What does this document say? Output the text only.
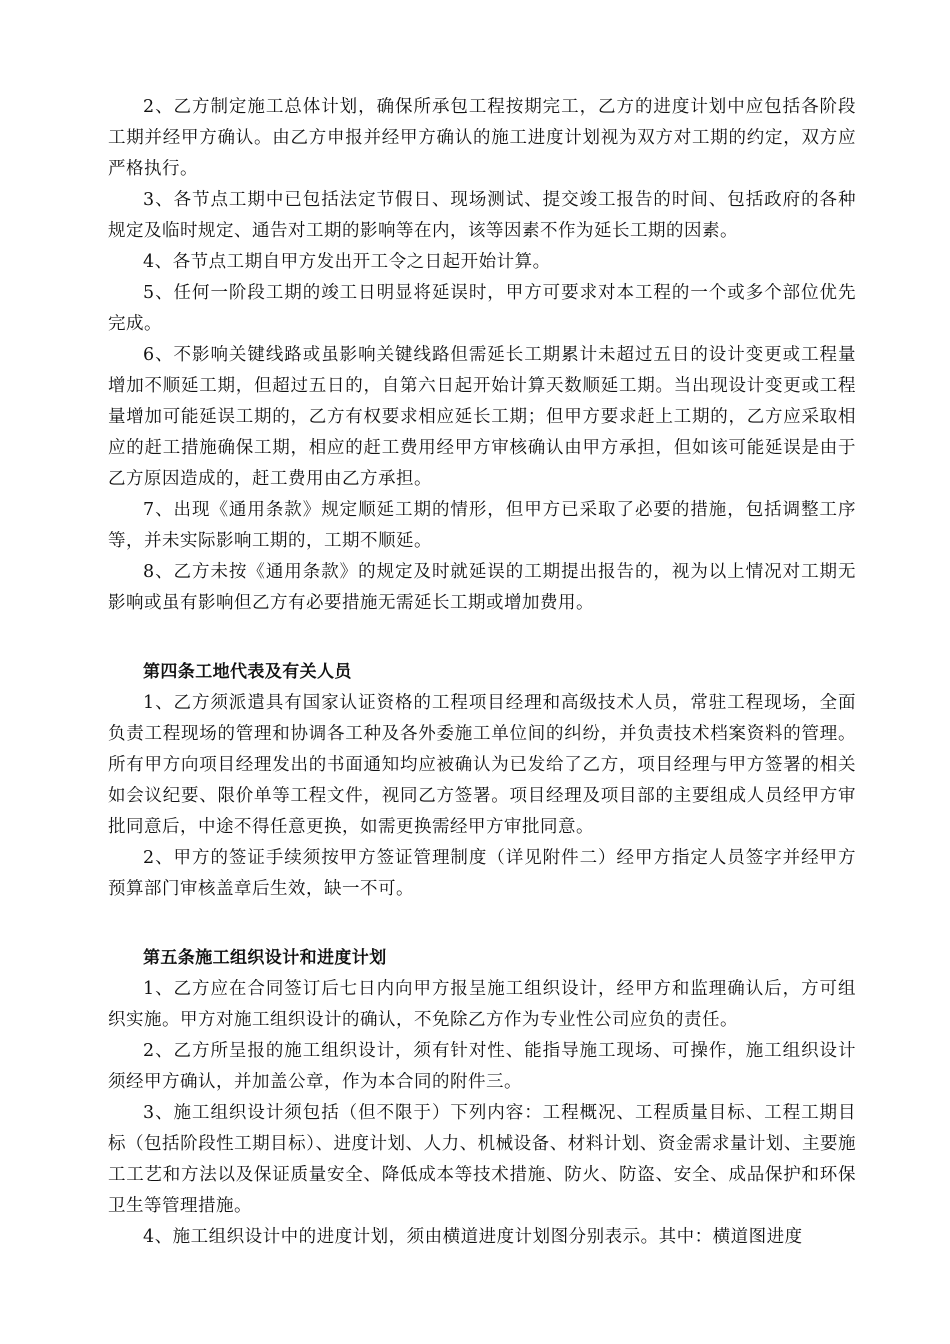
2、乙方制定施工总体计划，确保所承包工程按期完工，乙方的进度计划中应包括各阶段工期并经甲方确认。由乙方申报并经甲方确认的施工进度计划视为双方对工期的约定，双方应严格执行。

3、各节点工期中已包括法定节假日、现场测试、提交竣工报告的时间、包括政府的各种规定及临时规定、通告对工期的影响等在内，该等因素不作为延长工期的因素。

4、各节点工期自甲方发出开工令之日起开始计算。

5、任何一阶段工期的竣工日明显将延误时，甲方可要求对本工程的一个或多个部位优先完成。

6、不影响关键线路或虽影响关键线路但需延长工期累计未超过五日的设计变更或工程量增加不顺延工期，但超过五日的，自第六日起开始计算天数顺延工期。当出现设计变更或工程量增加可能延误工期的，乙方有权要求相应延长工期；但甲方要求赶上工期的，乙方应采取相应的赶工措施确保工期，相应的赶工费用经甲方审核确认由甲方承担，但如该可能延误是由于乙方原因造成的，赶工费用由乙方承担。

7、出现《通用条款》规定顺延工期的情形，但甲方已采取了必要的措施，包括调整工序等，并未实际影响工期的，工期不顺延。

8、乙方未按《通用条款》的规定及时就延误的工期提出报告的，视为以上情况对工期无影响或虽有影响但乙方有必要措施无需延长工期或增加费用。

第四条工地代表及有关人员

1、乙方须派遣具有国家认证资格的工程项目经理和高级技术人员，常驻工程现场，全面负责工程现场的管理和协调各工种及各外委施工单位间的纠纷，并负责技术档案资料的管理。所有甲方向项目经理发出的书面通知均应被确认为已发给了乙方，项目经理与甲方签署的相关如会议纪要、限价单等工程文件，视同乙方签署。项目经理及项目部的主要组成人员经甲方审批同意后，中途不得任意更换，如需更换需经甲方审批同意。

2、甲方的签证手续须按甲方签证管理制度（详见附件二）经甲方指定人员签字并经甲方预算部门审核盖章后生效，缺一不可。

第五条施工组织设计和进度计划

1、乙方应在合同签订后七日内向甲方报呈施工组织设计，经甲方和监理确认后，方可组织实施。甲方对施工组织设计的确认，不免除乙方作为专业性公司应负的责任。

2、乙方所呈报的施工组织设计，须有针对性、能指导施工现场、可操作，施工组织设计须经甲方确认，并加盖公章，作为本合同的附件三。

3、施工组织设计须包括（但不限于）下列内容：工程概况、工程质量目标、工程工期目标（包括阶段性工期目标）、进度计划、人力、机械设备、材料计划、资金需求量计划、主要施工工艺和方法以及保证质量安全、降低成本等技术措施、防火、防盗、安全、成品保护和环保卫生等管理措施。

4、施工组织设计中的进度计划，须由横道进度计划图分别表示。其中：横道图进度
